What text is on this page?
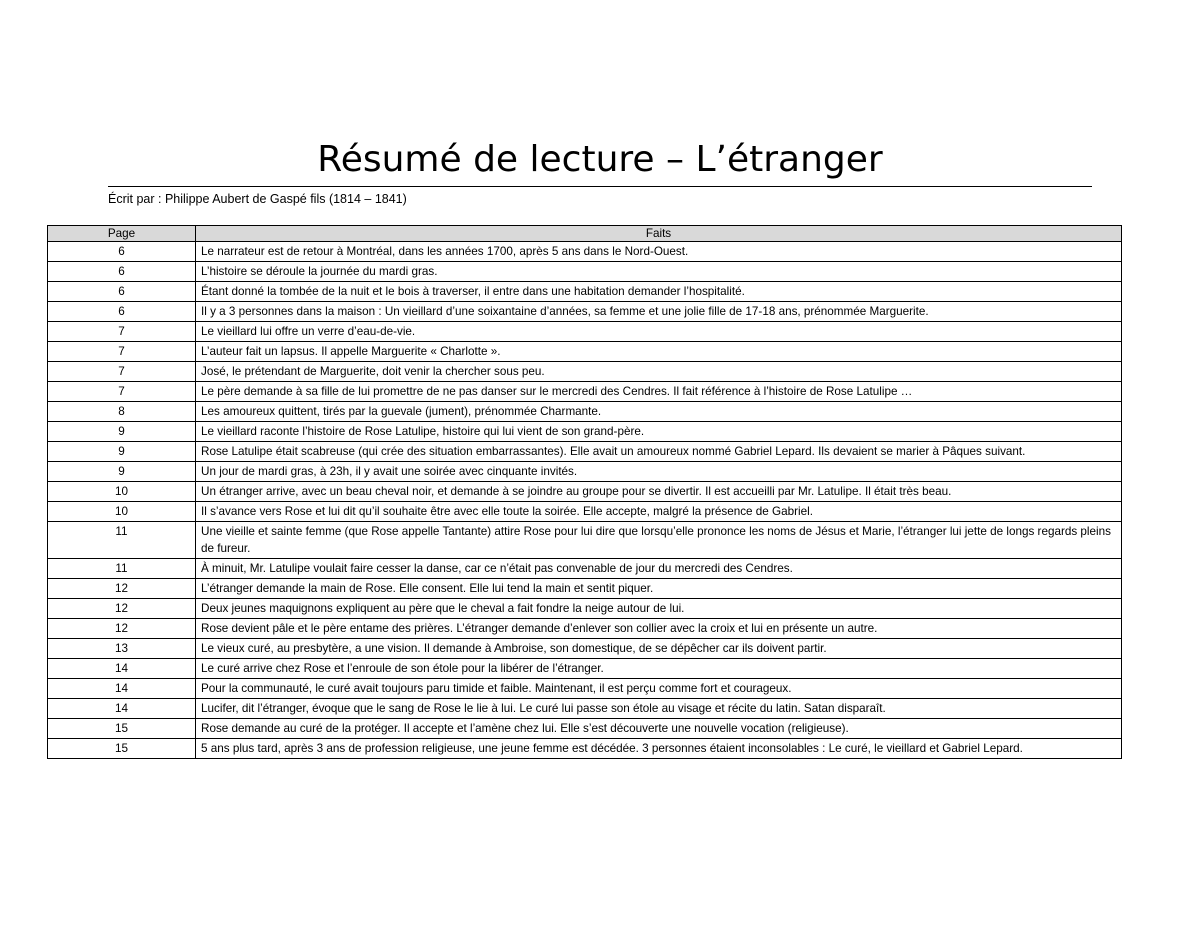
Résumé de lecture – L’étranger
Écrit par : Philippe Aubert de Gaspé fils (1814 – 1841)
Page	Faits
6	Le narrateur est de retour à Montréal, dans les années 1700, après 5 ans dans le Nord-Ouest.
6	L’histoire se déroule la journée du mardi gras.
6	Étant donné la tombée de la nuit et le bois à traverser, il entre dans une habitation demander l’hospitalité.
6	Il y a 3 personnes dans la maison : Un vieillard d’une soixantaine d’années, sa femme et une jolie fille de 17-18 ans, prénommée Marguerite.
7	Le vieillard lui offre un verre d’eau-de-vie.
7	L’auteur fait un lapsus. Il appelle Marguerite « Charlotte ».
7	José, le prétendant de Marguerite, doit venir la chercher sous peu.
7	Le père demande à sa fille de lui promettre de ne pas danser sur le mercredi des Cendres. Il fait référence à l’histoire de Rose Latulipe …
8	Les amoureux quittent, tirés par la guevale (jument), prénommée Charmante.
9	Le vieillard raconte l’histoire de Rose Latulipe, histoire qui lui vient de son grand-père.
9	Rose Latulipe était scabreuse (qui crée des situation embarrassantes). Elle avait un amoureux nommé Gabriel Lepard. Ils devaient se marier à Pâques suivant.
9	Un jour de mardi gras, à 23h, il y avait une soirée avec cinquante invités.
10	Un étranger arrive, avec un beau cheval noir, et demande à se joindre au groupe pour se divertir. Il est accueilli par Mr. Latulipe. Il était très beau.
10	Il s’avance vers Rose et lui dit qu’il souhaite être avec elle toute la soirée. Elle accepte, malgré la présence de Gabriel.
11	Une vieille et sainte femme (que Rose appelle Tantante) attire Rose pour lui dire que lorsqu’elle prononce les noms de Jésus et Marie, l’étranger lui jette de longs regards pleins de fureur.
11	À minuit, Mr. Latulipe voulait faire cesser la danse, car ce n’était pas convenable de jour du mercredi des Cendres.
12	L’étranger demande la main de Rose. Elle consent. Elle lui tend la main et sentit piquer.
12	Deux jeunes maquignons expliquent au père que le cheval a fait fondre la neige autour de lui.
12	Rose devient pâle et le père entame des prières. L’étranger demande d’enlever son collier avec la croix et lui en présente un autre.
13	Le vieux curé, au presbytère, a une vision. Il demande à Ambroise, son domestique, de se dépêcher car ils doivent partir.
14	Le curé arrive chez Rose et l’enroule de son étole pour la libérer de l’étranger.
14	Pour la communauté, le curé avait toujours paru timide et faible. Maintenant, il est perçu comme fort et courageux.
14	Lucifer, dit l’étranger, évoque que le sang de Rose le lie à lui. Le curé lui passe son étole au visage et récite du latin. Satan disparaît.
15	Rose demande au curé de la protéger. Il accepte et l’amène chez lui. Elle s’est découverte une nouvelle vocation (religieuse).
15	5 ans plus tard, après 3 ans de profession religieuse, une jeune femme est décédée. 3 personnes étaient inconsolables : Le curé, le vieillard et Gabriel Lepard.
